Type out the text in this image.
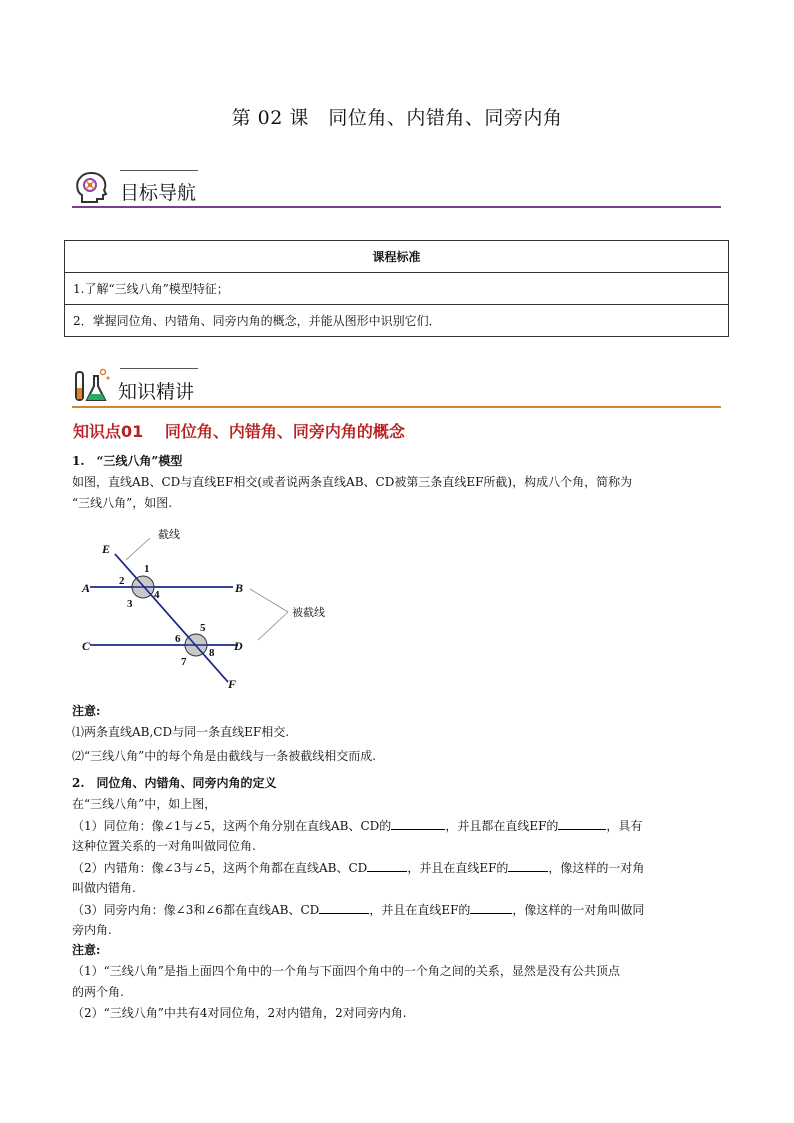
第 02 课　同位角、内错角、同旁内角
目标导航
课程标准
1.了解“三线八角”模型特征；
2．掌握同位角、内错角、同旁内角的概念，并能从图形中识别它们．
知识精讲
知识点01　 同位角、内错角、同旁内角的概念
1.　“三线八角”模型
如图，直线AB、CD与直线EF相交(或者说两条直线AB、CD被第三条直线EF所截)，构成八个角，简称为
“三线八角”，如图.
E
A	B
C	D
F
1
2
3
4
5
6
7
8
截线
被截线
注意:
⑴两条直线AB,CD与同一条直线EF相交.
⑵“三线八角”中的每个角是由截线与一条被截线相交而成.
2.　同位角、内错角、同旁内角的定义
在“三线八角”中，如上图，
（1）同位角：像∠1与∠5，这两个角分别在直线AB、CD的	，并且都在直线EF的	，具有
这种位置关系的一对角叫做同位角.
（2）内错角：像∠3与∠5，这两个角都在直线AB、CD	，并且在直线EF的	，像这样的一对角
叫做内错角.
（3）同旁内角：像∠3和∠6都在直线AB、CD	，并且在直线EF的	，像这样的一对角叫做同
旁内角.
注意:
（1）“三线八角”是指上面四个角中的一个角与下面四个角中的一个角之间的关系，显然是没有公共顶点
的两个角.
（2）“三线八角”中共有4对同位角，2对内错角，2对同旁内角.
